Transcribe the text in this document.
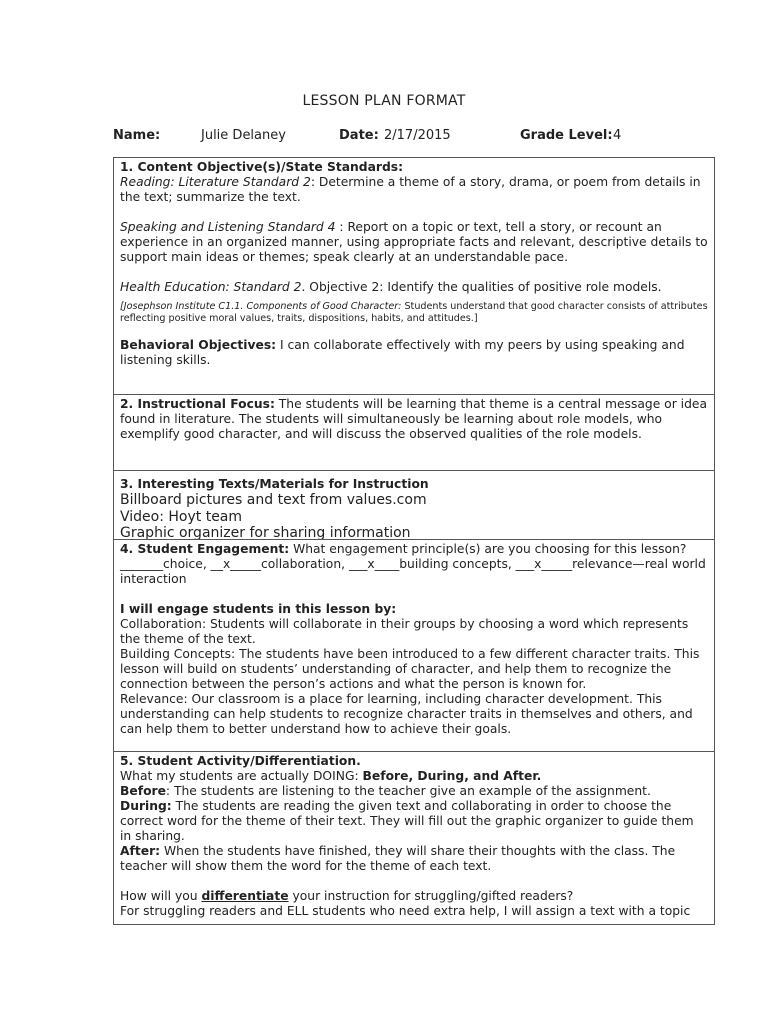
LESSON PLAN FORMAT
Name:	Julie Delaney	Date: 2/17/2015	Grade Level: 4

1. Content Objective(s)/State Standards:

Reading: Literature Standard 2: Determine a theme of a story, drama, or poem from details in the text; summarize the text.

Speaking and Listening Standard 4 : Report on a topic or text, tell a story, or recount an experience in an organized manner, using appropriate facts and relevant, descriptive details to support main ideas or themes; speak clearly at an understandable pace.

Health Education: Standard 2. Objective 2: Identify the qualities of positive role models.

[Josephson Institute C1.1. Components of Good Character: Students understand that good character consists of attributes reflecting positive moral values, traits, dispositions, habits, and attitudes.]

Behavioral Objectives: I can collaborate effectively with my peers by using speaking and listening skills.

2. Instructional Focus: The students will be learning that theme is a central message or idea found in literature. The students will simultaneously be learning about role models, who exemplify good character, and will discuss the observed qualities of the role models.

3. Interesting Texts/Materials for Instruction

Billboard pictures and text from values.com

Video: Hoyt team

Graphic organizer for sharing information

4. Student Engagement: What engagement principle(s) are you choosing for this lesson? _______choice, __x_____collaboration, ___x____building concepts, ___x_____relevance—real world interaction

I will engage students in this lesson by:

Collaboration: Students will collaborate in their groups by choosing a word which represents the theme of the text.

Building Concepts: The students have been introduced to a few different character traits. This lesson will build on students’ understanding of character, and help them to recognize the connection between the person’s actions and what the person is known for.

Relevance: Our classroom is a place for learning, including character development. This understanding can help students to recognize character traits in themselves and others, and can help them to better understand how to achieve their goals.

5. Student Activity/Differentiation.

What my students are actually DOING: Before, During, and After.

Before: The students are listening to the teacher give an example of the assignment.

During: The students are reading the given text and collaborating in order to choose the correct word for the theme of their text. They will fill out the graphic organizer to guide them in sharing.

After: When the students have finished, they will share their thoughts with the class. The teacher will show them the word for the theme of each text.

How will you differentiate your instruction for struggling/gifted readers?

For struggling readers and ELL students who need extra help, I will assign a text with a topic
